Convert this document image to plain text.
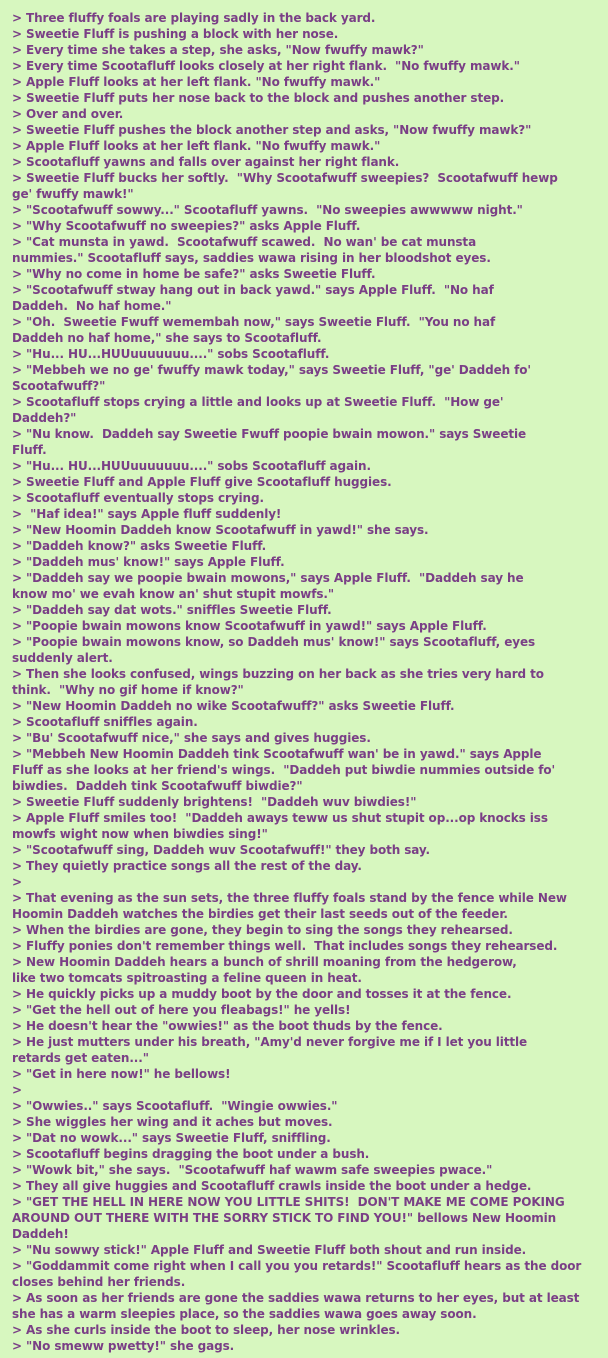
> Three fluffy foals are playing sadly in the back yard.

> Sweetie Fluff is pushing a block with her nose.

> Every time she takes a step, she asks, "Now fwuffy mawk?"

> Every time Scootafluff looks closely at her right flank.  "No fwuffy mawk."

> Apple Fluff looks at her left flank. "No fwuffy mawk."

> Sweetie Fluff puts her nose back to the block and pushes another step.

> Over and over.

> Sweetie Fluff pushes the block another step and asks, "Now fwuffy mawk?"

> Apple Fluff looks at her left flank. "No fwuffy mawk."

> Scootafluff yawns and falls over against her right flank.

> Sweetie Fluff bucks her softly.  "Why Scootafwuff sweepies?  Scootafwuff hewp
ge' fwuffy mawk!"

> "Scootafwuff sowwy..." Scootafluff yawns.  "No sweepies awwwww night."

> "Why Scootafwuff no sweepies?" asks Apple Fluff.

> "Cat munsta in yawd.  Scootafwuff scawed.  No wan' be cat munsta
nummies." Scootafluff says, saddies wawa rising in her bloodshot eyes.

> "Why no come in home be safe?" asks Sweetie Fluff.

> "Scootafwuff stway hang out in back yawd." says Apple Fluff.  "No haf
Daddeh.  No haf home."

> "Oh.  Sweetie Fwuff wemembah now," says Sweetie Fluff.  "You no haf
Daddeh no haf home," she says to Scootafluff.

> "Hu... HU...HUUuuuuuuu...." sobs Scootafluff.

> "Mebbeh we no ge' fwuffy mawk today," says Sweetie Fluff, "ge' Daddeh fo'
Scootafwuff?"

> Scootafluff stops crying a little and looks up at Sweetie Fluff.  "How ge'
Daddeh?"

> "Nu know.  Daddeh say Sweetie Fwuff poopie bwain mowon." says Sweetie
Fluff.

> "Hu... HU...HUUuuuuuuu...." sobs Scootafluff again.

> Sweetie Fluff and Apple Fluff give Scootafluff huggies.

> Scootafluff eventually stops crying.

>  "Haf idea!" says Apple fluff suddenly!

> "New Hoomin Daddeh know Scootafwuff in yawd!" she says.

> "Daddeh know?" asks Sweetie Fluff.

> "Daddeh mus' know!" says Apple Fluff.

> "Daddeh say we poopie bwain mowons," says Apple Fluff.  "Daddeh say he
know mo' we evah know an' shut stupit mowfs."

> "Daddeh say dat wots." sniffles Sweetie Fluff.

> "Poopie bwain mowons know Scootafwuff in yawd!" says Apple Fluff.

> "Poopie bwain mowons know, so Daddeh mus' know!" says Scootafluff, eyes
suddenly alert.

> Then she looks confused, wings buzzing on her back as she tries very hard to
think.  "Why no gif home if know?"

> "New Hoomin Daddeh no wike Scootafwuff?" asks Sweetie Fluff.

> Scootafluff sniffles again.

> "Bu' Scootafwuff nice," she says and gives huggies.

> "Mebbeh New Hoomin Daddeh tink Scootafwuff wan' be in yawd." says Apple
Fluff as she looks at her friend's wings.  "Daddeh put biwdie nummies outside fo'
biwdies.  Daddeh tink Scootafwuff biwdie?"

> Sweetie Fluff suddenly brightens!  "Daddeh wuv biwdies!"

> Apple Fluff smiles too!  "Daddeh aways teww us shut stupit op...op knocks iss
mowfs wight now when biwdies sing!"

> "Scootafwuff sing, Daddeh wuv Scootafwuff!" they both say.

> They quietly practice songs all the rest of the day.

>

> That evening as the sun sets, the three fluffy foals stand by the fence while New
Hoomin Daddeh watches the birdies get their last seeds out of the feeder.

> When the birdies are gone, they begin to sing the songs they rehearsed.

> Fluffy ponies don't remember things well.  That includes songs they rehearsed.

> New Hoomin Daddeh hears a bunch of shrill moaning from the hedgerow,
like two tomcats spitroasting a feline queen in heat.

> He quickly picks up a muddy boot by the door and tosses it at the fence.

> "Get the hell out of here you fleabags!" he yells!

> He doesn't hear the "owwies!" as the boot thuds by the fence.

> He just mutters under his breath, "Amy'd never forgive me if I let you little
retards get eaten..."

> "Get in here now!" he bellows!

>

> "Owwies.." says Scootafluff.  "Wingie owwies."

> She wiggles her wing and it aches but moves.

> "Dat no wowk..." says Sweetie Fluff, sniffling.

> Scootafluff begins dragging the boot under a bush.

> "Wowk bit," she says.  "Scootafwuff haf wawm safe sweepies pwace."

> They all give huggies and Scootafluff crawls inside the boot under a hedge.

> "GET THE HELL IN HERE NOW YOU LITTLE SHITS!  DON'T MAKE ME COME POKING
AROUND OUT THERE WITH THE SORRY STICK TO FIND YOU!" bellows New Hoomin Daddeh!

> "Nu sowwy stick!" Apple Fluff and Sweetie Fluff both shout and run inside.

> "Goddammit come right when I call you you retards!" Scootafluff hears as the door
closes behind her friends.

> As soon as her friends are gone the saddies wawa returns to her eyes, but at least
she has a warm sleepies place, so the saddies wawa goes away soon.

> As she curls inside the boot to sleep, her nose wrinkles.

> "No smeww pwetty!" she gags.
